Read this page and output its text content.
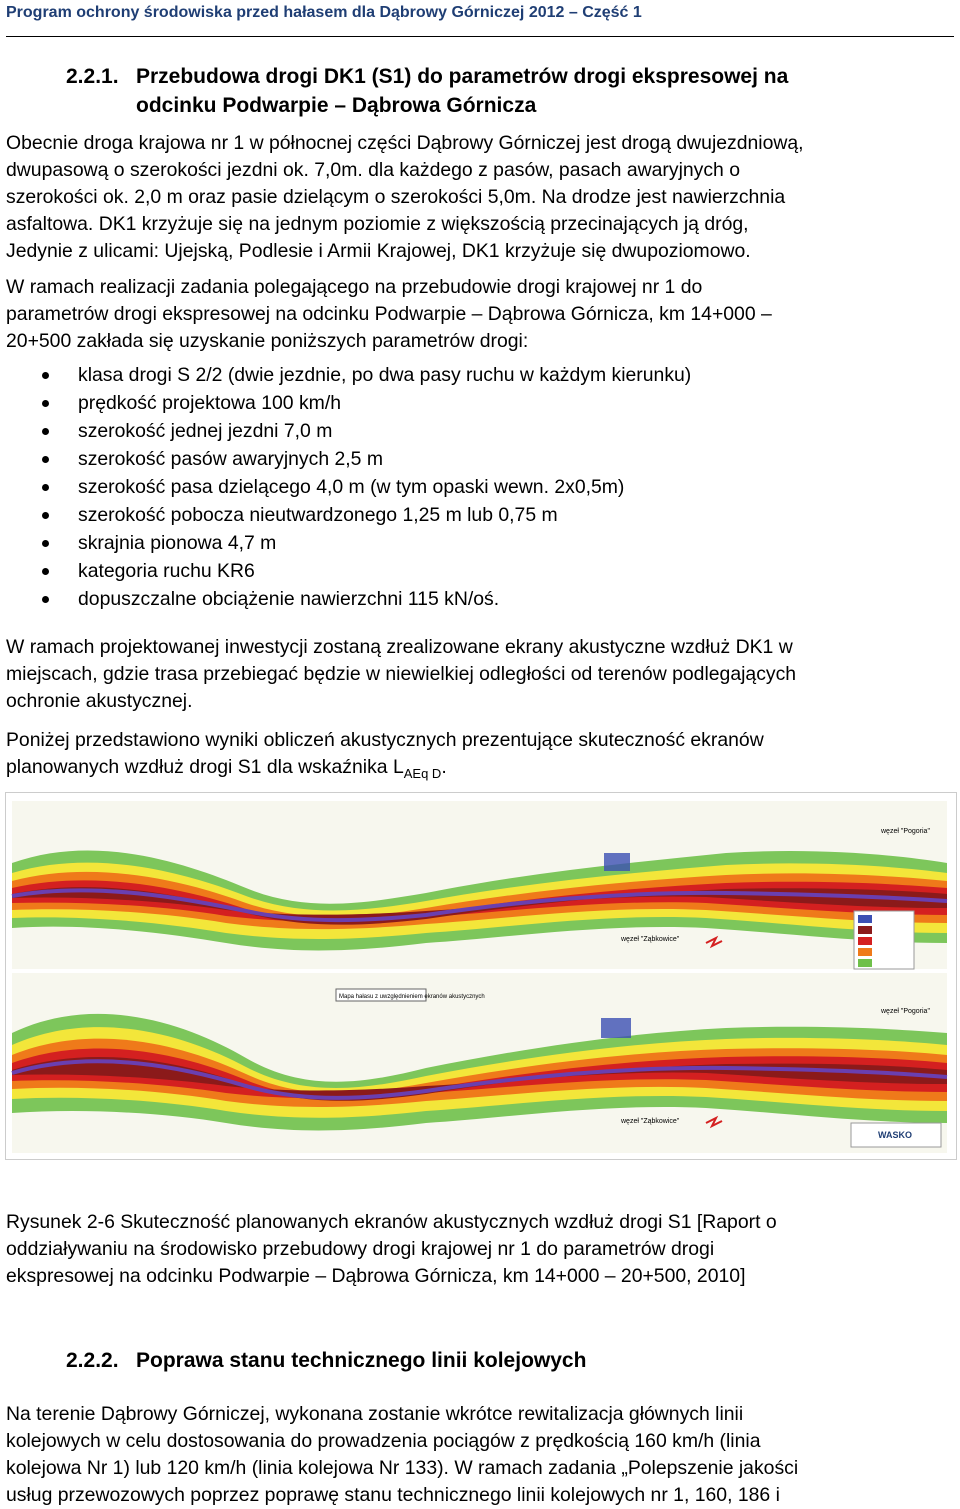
Program ochrony środowiska przed hałasem dla Dąbrowy Górniczej 2012 – Część 1
2.2.1. Przebudowa drogi DK1 (S1) do parametrów drogi ekspresowej na
odcinku Podwarpie – Dąbrowa Górnicza

Obecnie droga krajowa nr 1 w północnej części Dąbrowy Górniczej jest drogą dwujezdniową,
dwupasową o szerokości jezdni ok. 7,0m. dla każdego z pasów, pasach awaryjnych o
szerokości ok. 2,0 m oraz pasie dzielącym o szerokości 5,0m. Na drodze jest nawierzchnia
asfaltowa. DK1 krzyżuje się na jednym poziomie z większością przecinających ją dróg,
Jedynie z ulicami: Ujejską, Podlesie i Armii Krajowej, DK1 krzyżuje się dwupoziomowo.

W ramach realizacji zadania polegającego na przebudowie drogi krajowej nr 1 do
parametrów drogi ekspresowej na odcinku Podwarpie – Dąbrowa Górnicza, km 14+000 –
20+500 zakłada się uzyskanie poniższych parametrów drogi:

klasa drogi S 2/2 (dwie jezdnie, po dwa pasy ruchu w każdym kierunku)
prędkość projektowa 100 km/h
szerokość jednej jezdni 7,0 m
szerokość pasów awaryjnych 2,5 m
szerokość pasa dzielącego 4,0 m (w tym opaski wewn. 2x0,5m)
szerokość pobocza nieutwardzonego 1,25 m lub 0,75 m
skrajnia pionowa 4,7 m
kategoria ruchu KR6
dopuszczalne obciążenie nawierzchni 115 kN/oś.

W ramach projektowanej inwestycji zostaną zrealizowane ekrany akustyczne wzdłuż DK1 w
miejscach, gdzie trasa przebiegać będzie w niewielkiej odległości od terenów podlegających
ochronie akustycznej.

Poniżej przedstawiono wyniki obliczeń akustycznych prezentujące skuteczność ekranów
planowanych wzdłuż drogi S1 dla wskaźnika $L_{AEq D}$.

węzeł "Ząbkowice"
węzeł "Pogoria"
Mapa hałasu z uwzględnieniem ekranów akustycznych
węzeł "Ząbkowice"
węzeł "Pogoria"
WASKO

Rysunek 2-6 Skuteczność planowanych ekranów akustycznych wzdłuż drogi S1 [Raport o
oddziaływaniu na środowisko przebudowy drogi krajowej nr 1 do parametrów drogi
ekspresowej na odcinku Podwarpie – Dąbrowa Górnicza, km 14+000 – 20+500, 2010]

2.2.2. Poprawa stanu technicznego linii kolejowych

Na terenie Dąbrowy Górniczej, wykonana zostanie wkrótce rewitalizacja głównych linii
kolejowych w celu dostosowania do prowadzenia pociągów z prędkością 160 km/h (linia
kolejowa Nr 1) lub 120 km/h (linia kolejowa Nr 133). W ramach zadania „Polepszenie jakości
usług przewozowych poprzez poprawę stanu technicznego linii kolejowych nr 1, 160, 186 i
